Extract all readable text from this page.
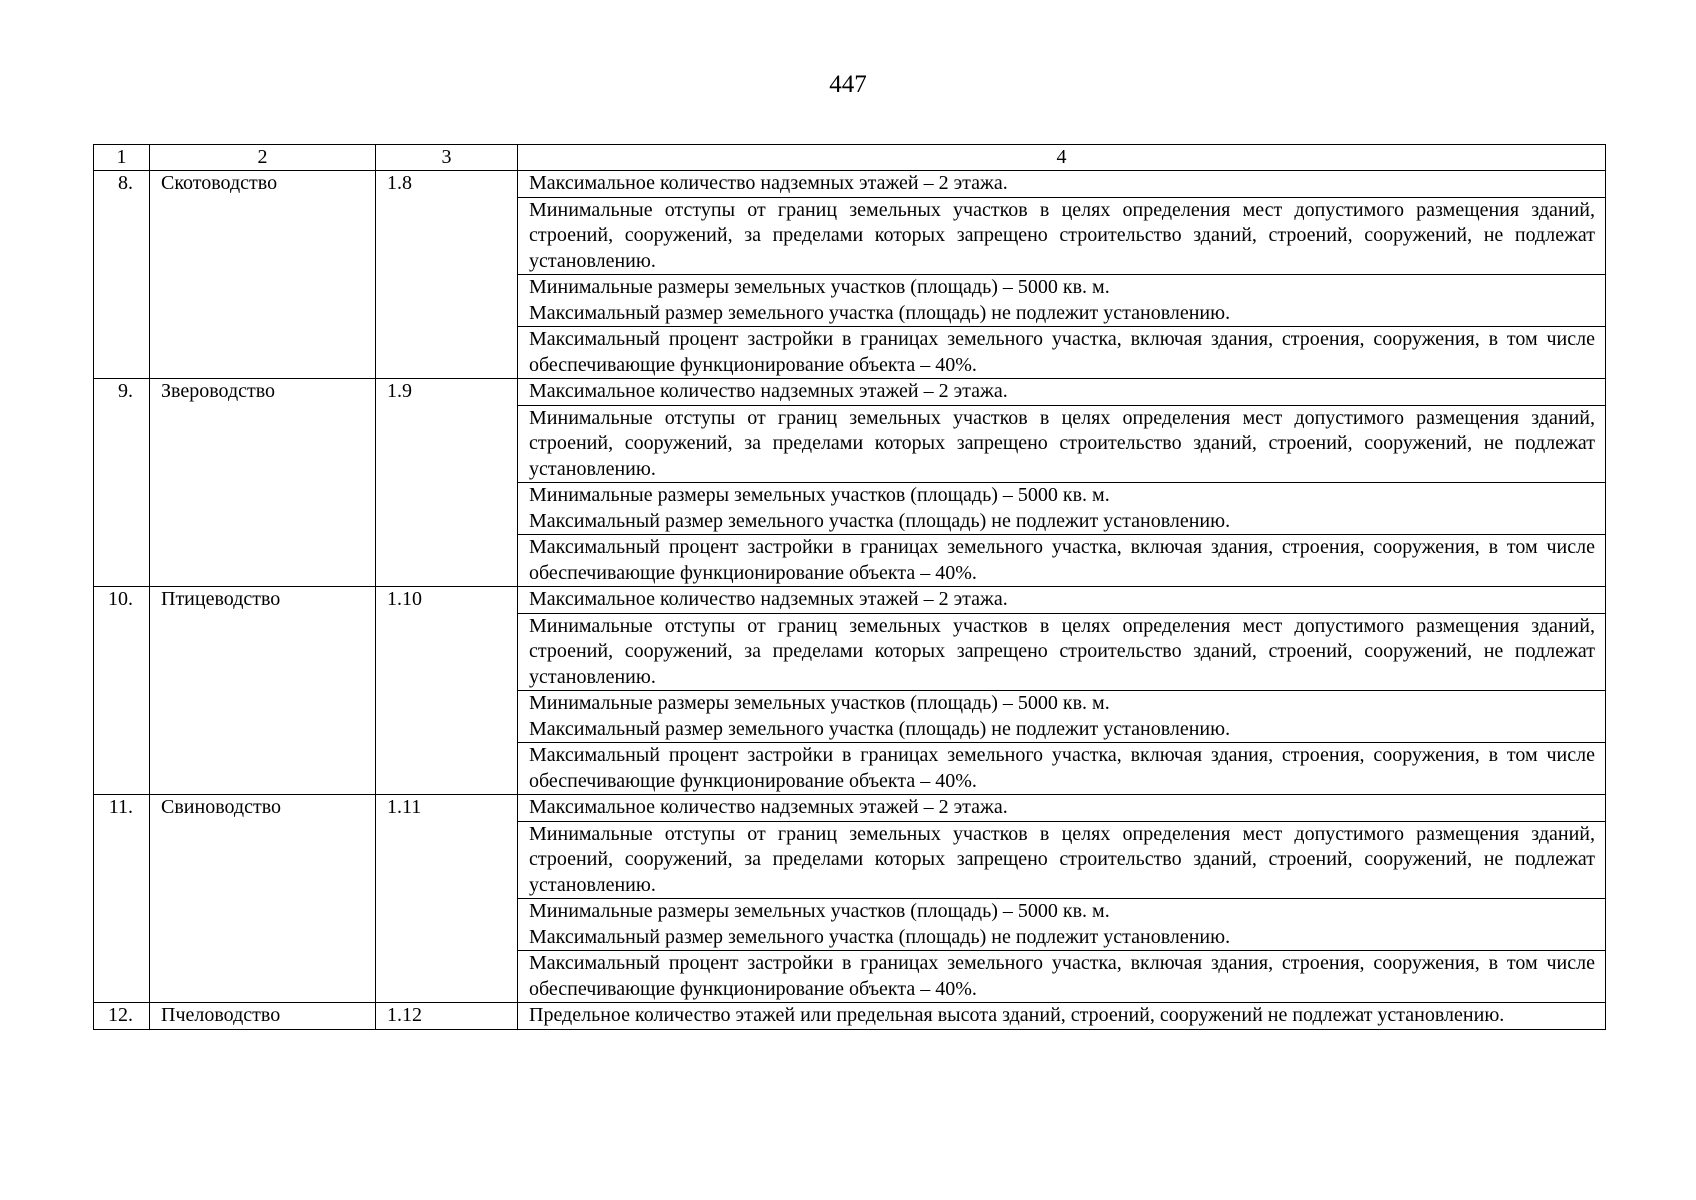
447
1	2	3	4
8.	Скотоводство	1.8	Максимальное количество надземных этажей – 2 этажа.

			Минимальные отступы от границ земельных участков в целях определения мест допустимого размещения зданий, строений, сооружений, за пределами которых запрещено строительство зданий, строений, сооружений, не подлежат установлению.

			Минимальные размеры земельных участков (площадь) – 5000 кв. м.
Максимальный размер земельного участка (площадь) не подлежит установлению.

			Максимальный процент застройки в границах земельного участка, включая здания, строения, сооружения, в том числе обеспечивающие функционирование объекта – 40%.

9.	Звероводство	1.9	Максимальное количество надземных этажей – 2 этажа.

			Минимальные отступы от границ земельных участков в целях определения мест допустимого размещения зданий, строений, сооружений, за пределами которых запрещено строительство зданий, строений, сооружений, не подлежат установлению.

			Минимальные размеры земельных участков (площадь) – 5000 кв. м.
Максимальный размер земельного участка (площадь) не подлежит установлению.

			Максимальный процент застройки в границах земельного участка, включая здания, строения, сооружения, в том числе обеспечивающие функционирование объекта – 40%.

10.	Птицеводство	1.10	Максимальное количество надземных этажей – 2 этажа.

			Минимальные отступы от границ земельных участков в целях определения мест допустимого размещения зданий, строений, сооружений, за пределами которых запрещено строительство зданий, строений, сооружений, не подлежат установлению.

			Минимальные размеры земельных участков (площадь) – 5000 кв. м.
Максимальный размер земельного участка (площадь) не подлежит установлению.

			Максимальный процент застройки в границах земельного участка, включая здания, строения, сооружения, в том числе обеспечивающие функционирование объекта – 40%.

11.	Свиноводство	1.11	Максимальное количество надземных этажей – 2 этажа.

			Минимальные отступы от границ земельных участков в целях определения мест допустимого размещения зданий, строений, сооружений, за пределами которых запрещено строительство зданий, строений, сооружений, не подлежат установлению.

			Минимальные размеры земельных участков (площадь) – 5000 кв. м.
Максимальный размер земельного участка (площадь) не подлежит установлению.

			Максимальный процент застройки в границах земельного участка, включая здания, строения, сооружения, в том числе обеспечивающие функционирование объекта – 40%.

12.	Пчеловодство	1.12	Предельное количество этажей или предельная высота зданий, строений, сооружений не подлежат установлению.
